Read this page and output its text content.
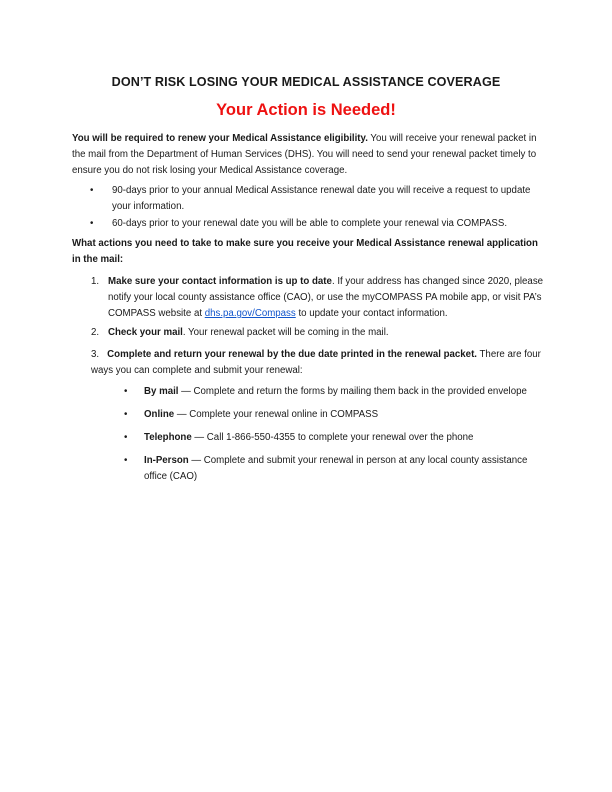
DON’T RISK LOSING YOUR MEDICAL ASSISTANCE COVERAGE
Your Action is Needed!
You will be required to renew your Medical Assistance eligibility. You will receive your renewal packet in the mail from the Department of Human Services (DHS). You will need to send your renewal packet timely to ensure you do not risk losing your Medical Assistance coverage.
• 90-days prior to your annual Medical Assistance renewal date you will receive a request to update your information.
• 60-days prior to your renewal date you will be able to complete your renewal via COMPASS.
What actions you need to take to make sure you receive your Medical Assistance renewal application in the mail:
1. Make sure your contact information is up to date. If your address has changed since 2020, please notify your local county assistance office (CAO), or use the myCOMPASS PA mobile app, or visit PA’s COMPASS website at dhs.pa.gov/Compass to update your contact information.
2. Check your mail. Your renewal packet will be coming in the mail.
3. Complete and return your renewal by the due date printed in the renewal packet. There are four ways you can complete and submit your renewal:
• By mail — Complete and return the forms by mailing them back in the provided envelope
• Online — Complete your renewal online in COMPASS
• Telephone — Call 1-866-550-4355 to complete your renewal over the phone
• In-Person — Complete and submit your renewal in person at any local county assistance office (CAO)
